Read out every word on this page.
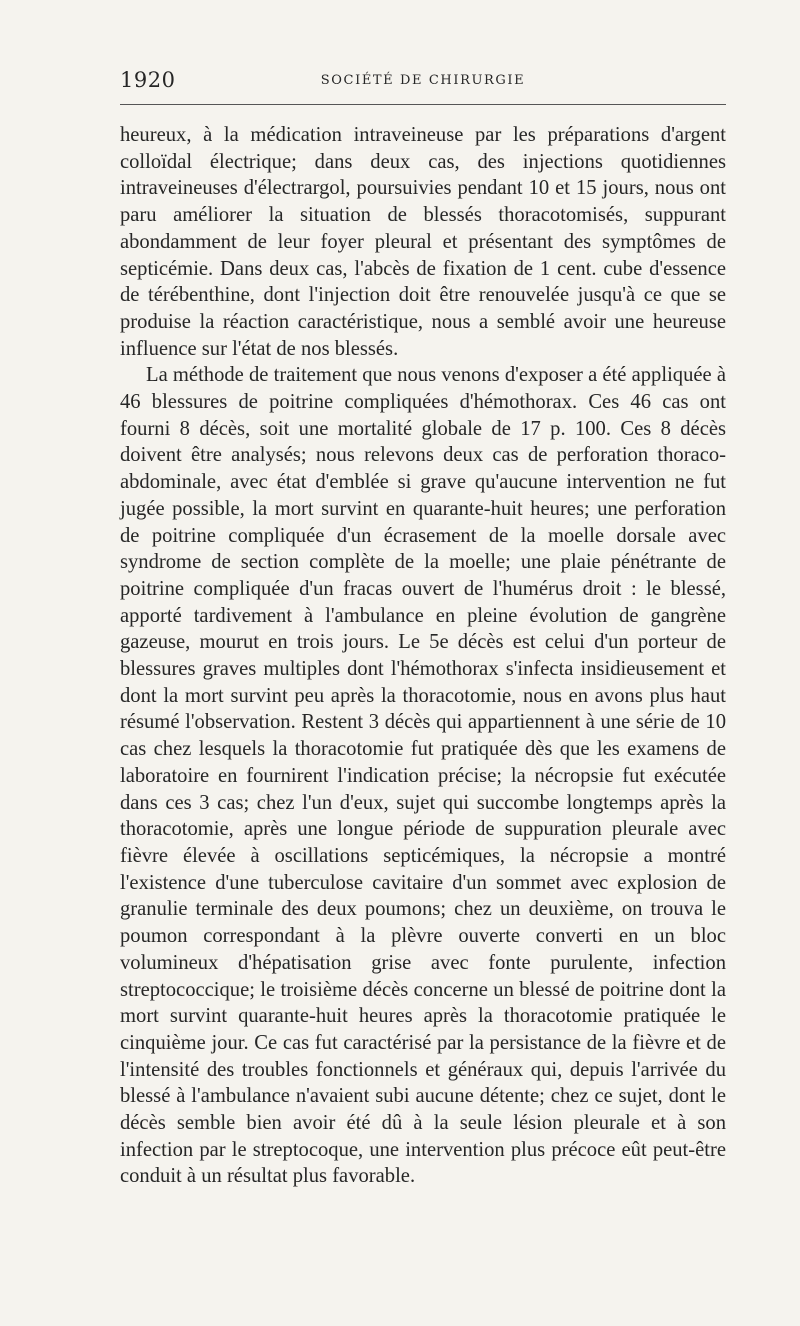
1920	SOCIÉTÉ DE CHIRURGIE

heureux, à la médication intraveineuse par les préparations d'argent colloïdal électrique; dans deux cas, des injections quotidiennes intraveineuses d'électrargol, poursuivies pendant 10 et 15 jours, nous ont paru améliorer la situation de blessés thoracotomisés, suppurant abondamment de leur foyer pleural et présentant des symptômes de septicémie. Dans deux cas, l'abcès de fixation de 1 cent. cube d'essence de térébenthine, dont l'injection doit être renouvelée jusqu'à ce que se produise la réaction caractéristique, nous a semblé avoir une heureuse influence sur l'état de nos blessés.

La méthode de traitement que nous venons d'exposer a été appliquée à 46 blessures de poitrine compliquées d'hémothorax. Ces 46 cas ont fourni 8 décès, soit une mortalité globale de 17 p. 100. Ces 8 décès doivent être analysés; nous relevons deux cas de perforation thoraco-abdominale, avec état d'emblée si grave qu'aucune intervention ne fut jugée possible, la mort survint en quarante-huit heures; une perforation de poitrine compliquée d'un écrasement de la moelle dorsale avec syndrome de section complète de la moelle; une plaie pénétrante de poitrine compliquée d'un fracas ouvert de l'humérus droit : le blessé, apporté tardivement à l'ambulance en pleine évolution de gangrène gazeuse, mourut en trois jours. Le 5e décès est celui d'un porteur de blessures graves multiples dont l'hémothorax s'infecta insidieusement et dont la mort survint peu après la thoracotomie, nous en avons plus haut résumé l'observation. Restent 3 décès qui appartiennent à une série de 10 cas chez lesquels la thoracotomie fut pratiquée dès que les examens de laboratoire en fournirent l'indication précise; la nécropsie fut exécutée dans ces 3 cas; chez l'un d'eux, sujet qui succombe longtemps après la thoracotomie, après une longue période de suppuration pleurale avec fièvre élevée à oscillations septicémiques, la nécropsie a montré l'existence d'une tuberculose cavitaire d'un sommet avec explosion de granulie terminale des deux poumons; chez un deuxième, on trouva le poumon correspondant à la plèvre ouverte converti en un bloc volumineux d'hépatisation grise avec fonte purulente, infection streptococcique; le troisième décès concerne un blessé de poitrine dont la mort survint quarante-huit heures après la thoracotomie pratiquée le cinquième jour. Ce cas fut caractérisé par la persistance de la fièvre et de l'intensité des troubles fonctionnels et généraux qui, depuis l'arrivée du blessé à l'ambulance n'avaient subi aucune détente; chez ce sujet, dont le décès semble bien avoir été dû à la seule lésion pleurale et à son infection par le streptocoque, une intervention plus précoce eût peut-être conduit à un résultat plus favorable.
